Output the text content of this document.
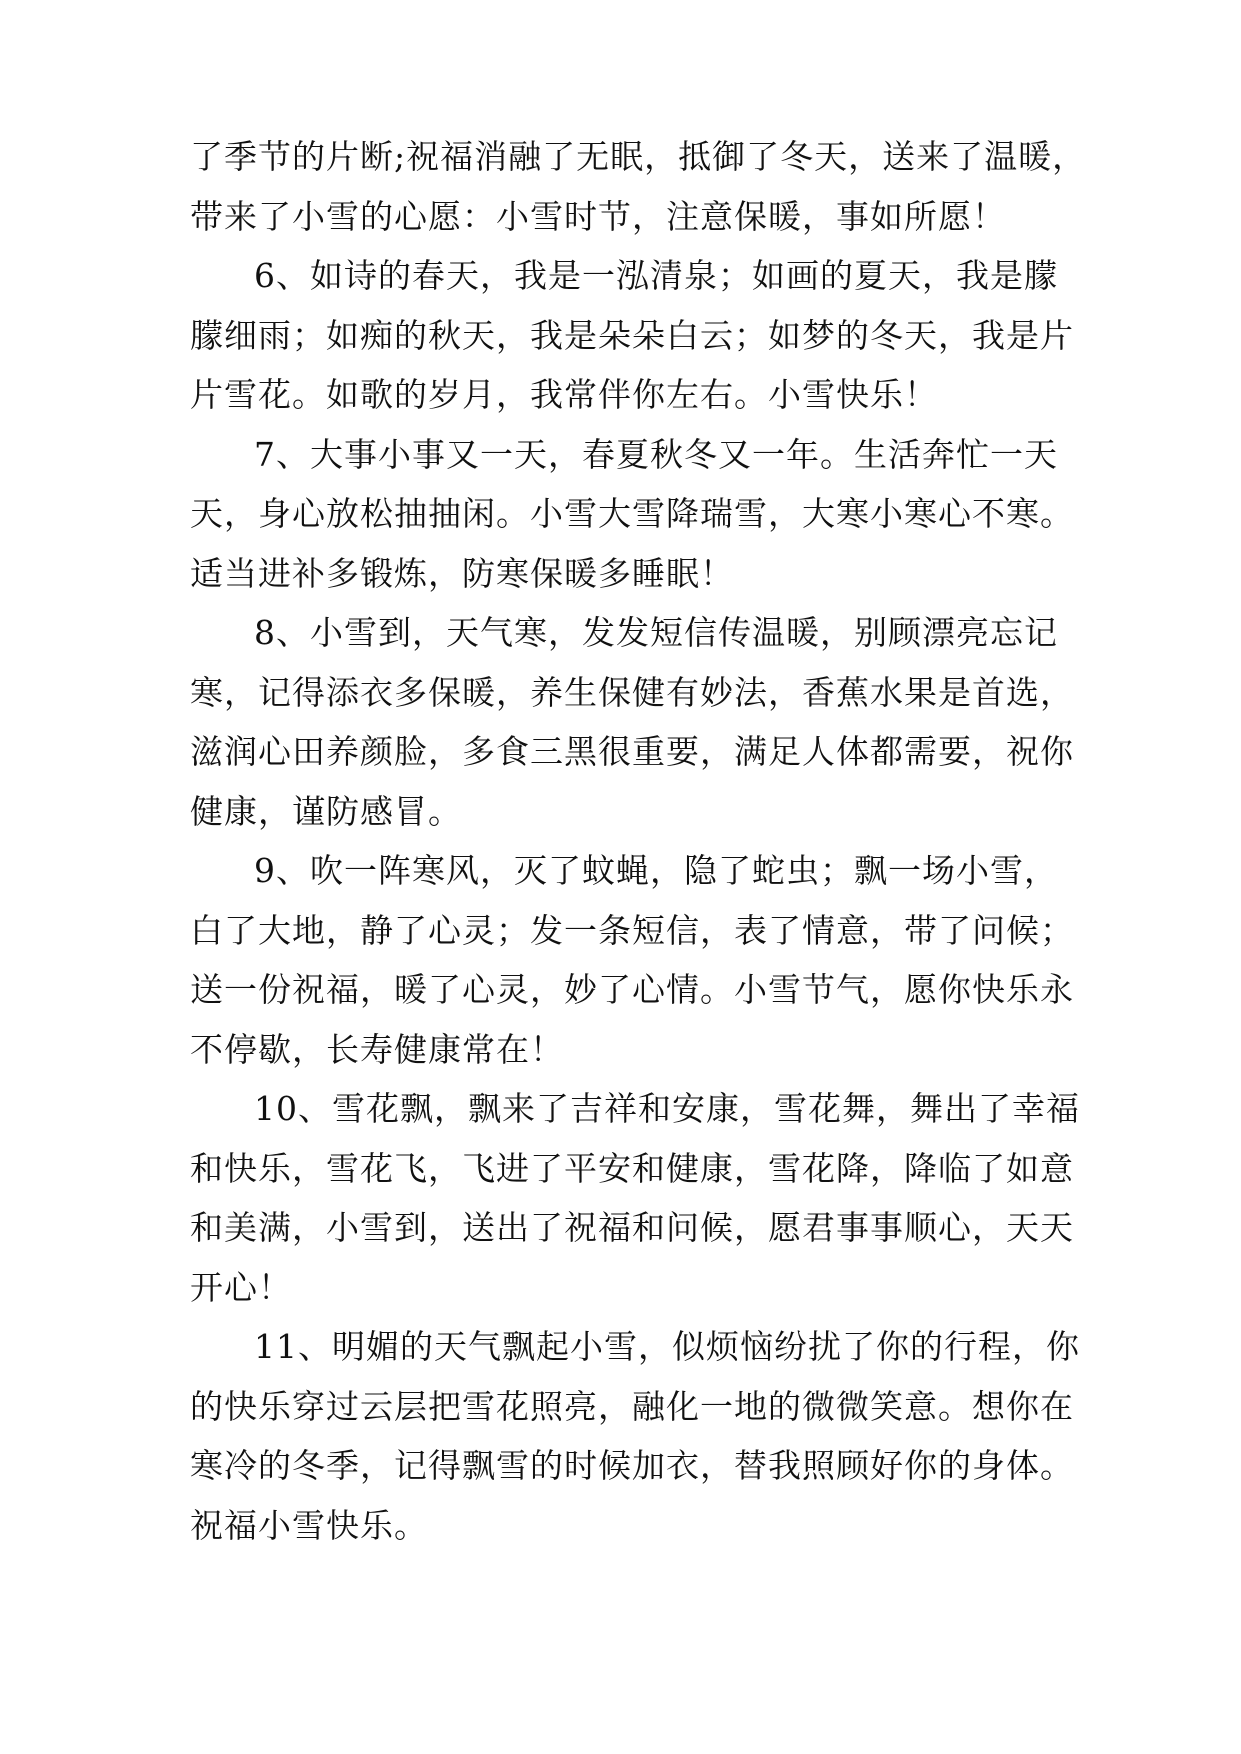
了季节的片断;祝福消融了无眠，抵御了冬天，送来了温暖，
带来了小雪的心愿：小雪时节，注意保暖，事如所愿！

6、如诗的春天，我是一泓清泉；如画的夏天，我是朦
朦细雨；如痴的秋天，我是朵朵白云；如梦的冬天，我是片
片雪花。如歌的岁月，我常伴你左右。小雪快乐！

7、大事小事又一天，春夏秋冬又一年。生活奔忙一天
天，身心放松抽抽闲。小雪大雪降瑞雪，大寒小寒心不寒。
适当进补多锻炼，防寒保暖多睡眠！

8、小雪到，天气寒，发发短信传温暖，别顾漂亮忘记
寒，记得添衣多保暖，养生保健有妙法，香蕉水果是首选，
滋润心田养颜脸，多食三黑很重要，满足人体都需要，祝你
健康，谨防感冒。

9、吹一阵寒风，灭了蚊蝇，隐了蛇虫；飘一场小雪，
白了大地，静了心灵；发一条短信，表了情意，带了问候；
送一份祝福，暖了心灵，妙了心情。小雪节气，愿你快乐永
不停歇，长寿健康常在！

10、雪花飘，飘来了吉祥和安康，雪花舞，舞出了幸福
和快乐，雪花飞，飞进了平安和健康，雪花降，降临了如意
和美满，小雪到，送出了祝福和问候，愿君事事顺心，天天
开心！

11、明媚的天气飘起小雪，似烦恼纷扰了你的行程，你
的快乐穿过云层把雪花照亮，融化一地的微微笑意。想你在
寒冷的冬季，记得飘雪的时候加衣，替我照顾好你的身体。
祝福小雪快乐。
